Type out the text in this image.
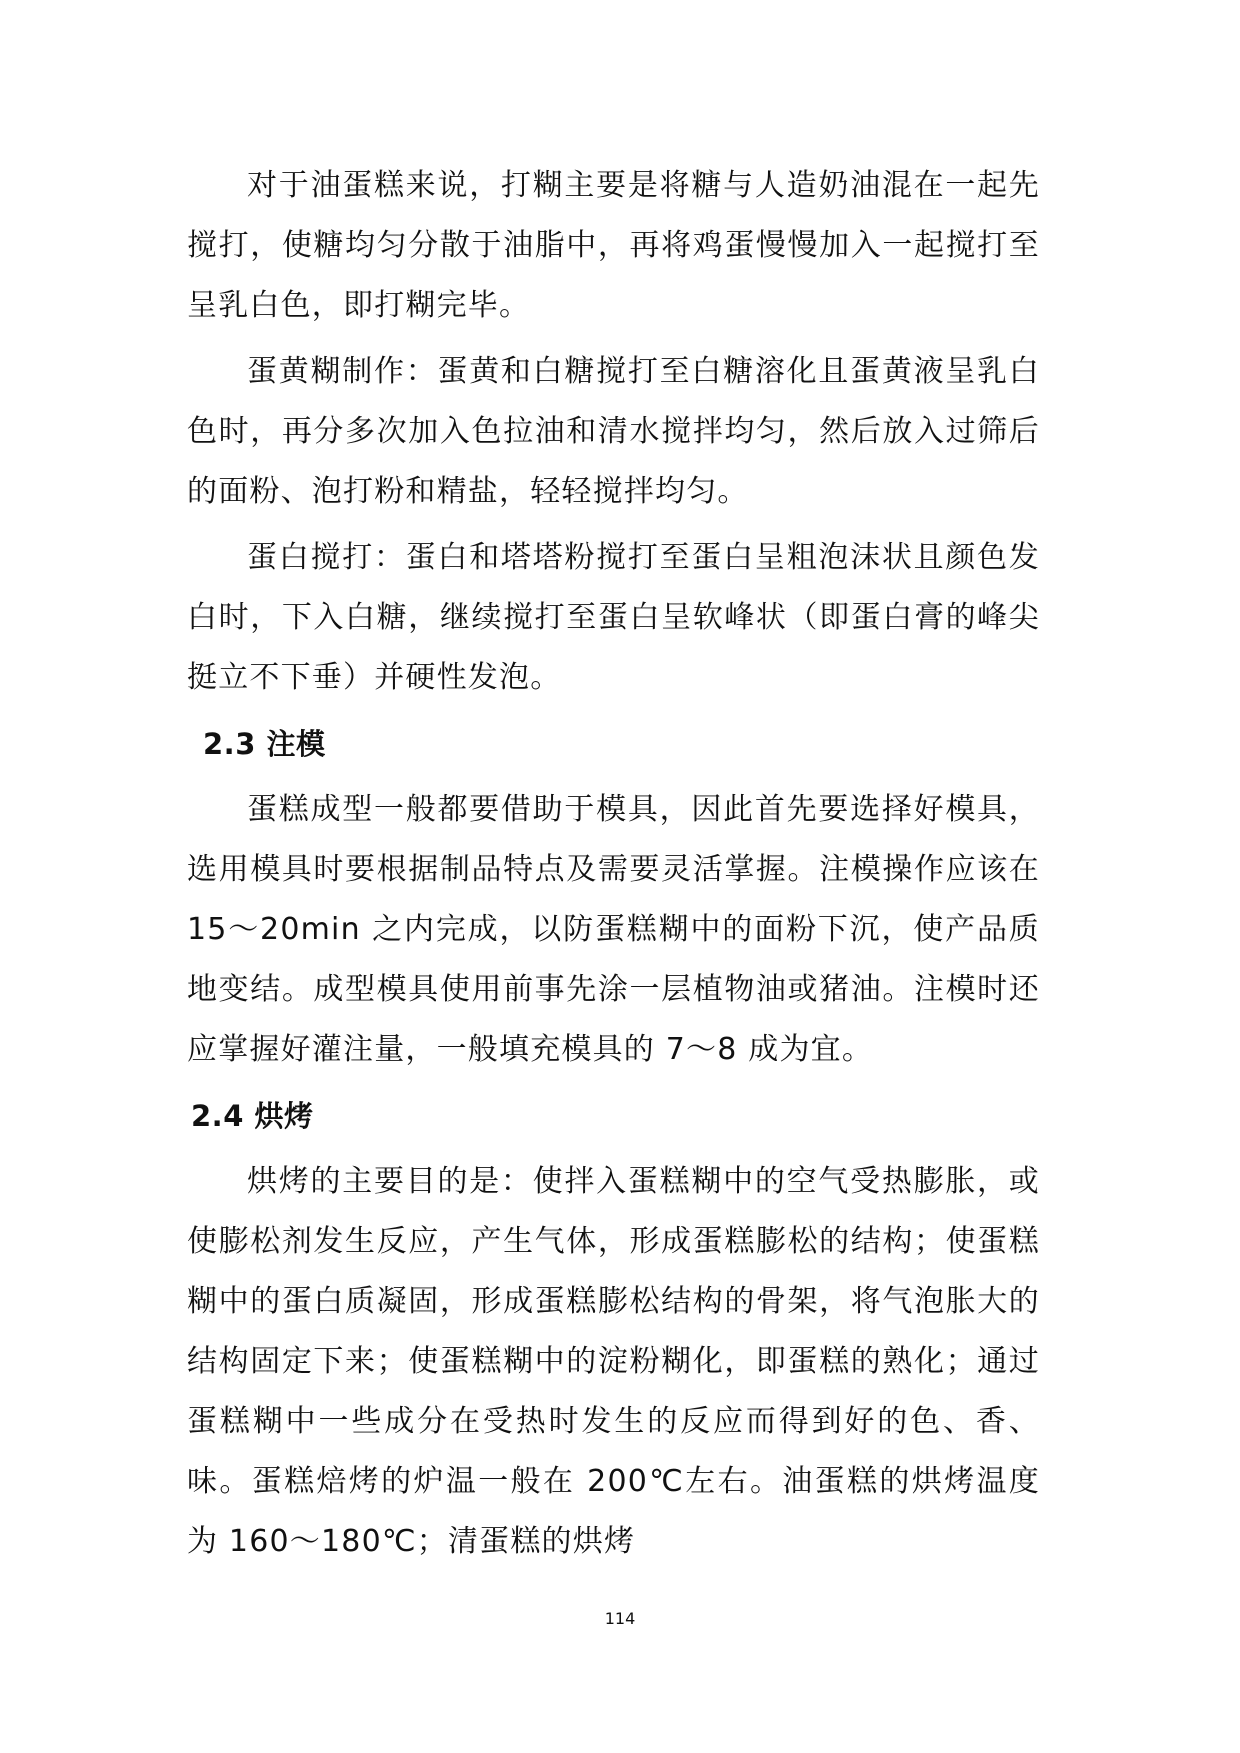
对于油蛋糕来说，打糊主要是将糖与人造奶油混在一起先搅打，使糖均匀分散于油脂中，再将鸡蛋慢慢加入一起搅打至呈乳白色，即打糊完毕。

蛋黄糊制作：蛋黄和白糖搅打至白糖溶化且蛋黄液呈乳白色时，再分多次加入色拉油和清水搅拌均匀，然后放入过筛后的面粉、泡打粉和精盐，轻轻搅拌均匀。

蛋白搅打：蛋白和塔塔粉搅打至蛋白呈粗泡沫状且颜色发白时，下入白糖，继续搅打至蛋白呈软峰状（即蛋白膏的峰尖挺立不下垂）并硬性发泡。

2.3 注模

蛋糕成型一般都要借助于模具，因此首先要选择好模具，选用模具时要根据制品特点及需要灵活掌握。注模操作应该在 15～20min 之内完成，以防蛋糕糊中的面粉下沉，使产品质地变结。成型模具使用前事先涂一层植物油或猪油。注模时还应掌握好灌注量，一般填充模具的 7～8 成为宜。

2.4 烘烤

烘烤的主要目的是：使拌入蛋糕糊中的空气受热膨胀，或使膨松剂发生反应，产生气体，形成蛋糕膨松的结构；使蛋糕糊中的蛋白质凝固，形成蛋糕膨松结构的骨架，将气泡胀大的结构固定下来；使蛋糕糊中的淀粉糊化，即蛋糕的熟化；通过蛋糕糊中一些成分在受热时发生的反应而得到好的色、香、味。蛋糕焙烤的炉温一般在 200℃左右。油蛋糕的烘烤温度为 160～180℃；清蛋糕的烘烤

114
